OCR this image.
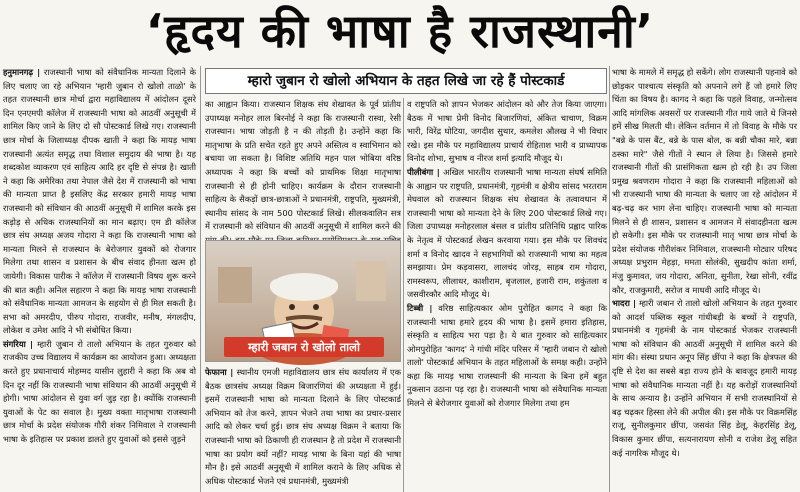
‘हृदय की भाषा है राजस्थानी’
म्हारो जुबान रो खोलो अभियान के तहत लिखे जा रहे हैं पोस्टकार्ड

हनुमानगढ़ | राजस्थानी भाषा को संवैधानिक मान्यता दिलाने के लिए चलाए जा रहे अभियान 'म्हारी जुबान रो खोलो ताळो' के तहत राजस्थानी छात्र मोर्चा द्वारा महाविद्यालय में आंदोलन दूसरे दिन एनएमपी कॉलेज में राजस्थानी भाषा को आठवीं अनुसूची में शामिल किए जाने के लिए दो सौ पोस्टकार्ड लिखे गए। राजस्थानी छात्र मोर्चा के जिलाध्यक्ष दीपक खाती ने कहा कि मायड़ भाषा राजस्थानी अत्यंत समृद्ध तथा विशाल समुदाय की भाषा है। यह शब्दकोश व्याकरण एवं साहित्य आदि हर दृष्टि से संपन्न है। खाती ने कहा कि अमेरिका तथा नेपाल जैसे देश में राजस्थानी को भाषा की मान्यता प्राप्त है इसलिए केंद्र सरकार हमारी मायड़ भाषा राजस्थानी को संविधान की आठवीं अनुसूची में शामिल करके इस कड़ोड़ से अधिक राजस्थानियों का मान बढ़ाए। एम डी कॉलेज छात्र संघ अध्यक्ष अजय गोदारा ने कहा कि राजस्थानी भाषा को मान्यता मिलने से राजस्थान के बेरोजगार युवकों को रोजगार मिलेगा तथा शासन व प्रशासन के बीच संवाद हीनता खत्म हो जायेगी। विकास पारीक ने कॉलेज में राजस्थानी विषय शुरू करने की बात कही। अनिल सहारण ने कहा कि मायड़ भाषा राजस्थानी को संवैधानिक मान्यता आमजन के सहयोग से ही मिल सकती है। सभा को अमरदीप, पीरुप गोदारा, राजवीर, मनीष, मंगलदीप, लोकेश व उमेश आदि ने भी संबोधित किया।

संगरिया | म्हारी जुबान रो तालो अभियान के तहत गुरुवार को राजकीय उच्च विद्यालय में कार्यक्रम का आयोजन हुआ। अध्यक्षता करते हुए प्रधानाचार्य मोहम्मद यासीन लुहारी ने कहा कि अब वो दिन दूर नहीं कि राजस्थानी भाषा संविधान की आठवीं अनुसूची में होगी। भाषा आंदोलन से युवा वर्ग जुड़ रहा है। क्योंकि राजस्थानी युवाओं के पेट का सवाल है। मुख्य वक्ता मातृभाषा राजस्थानी छात्र मोर्चा के प्रदेश संयोजक गौरी शंकर निमिवाल ने राजस्थानी भाषा के इतिहास पर प्रकाश डालते हुए युवाओं को इससे जुड़ने

का आह्वान किया। राजस्थान शिक्षक संघ शेखावत के पूर्व प्रांतीय उपाध्यक्ष मनोहर लाल बिरनोई ने कहा कि राजस्थानी रास्वा, रेसी राजस्थान। भाषा जोड़ती है न की तोड़ती है। उन्होंने कहा कि मातृभाषा के प्रति सचेत रहते हुए अपने अस्तित्व व स्वाभिमान को बचाया जा सकता है। विशिष्ट अतिथि महन पाल भोबिया वरिष्ठ अध्यापक ने कहा कि बच्चों को प्राथमिक शिक्षा मातृभाषा राजस्थानी से ही होनी चाहिए। कार्यक्रम के दौरान राजस्थानी साहित्य के सैकड़ों छात्र-छात्राओं ने प्रधानमंत्री, राष्ट्रपति, मुख्यमंत्री, स्थानीय सांसद के नाम 500 पोस्टकार्ड लिखे। सीलकवालिन सत्र में राजस्थानी को संविधान की आठवीं अनुसूची में शामिल करने की

म्हारी जबान रो खोलो तालो

फेफाना | स्थानीय एमजी महाविद्यालय छात्र संघ कार्यालय में एक बैठक छात्रसंघ अध्यक्ष विक्रम बिजारणियां की अध्यक्षता में हुई। इसमें राजस्थानी भाषा को मान्यता दिलाने के लिए पोस्टकार्ड अभियान को तेज करने, ज्ञापन भेजने तथा भाषा का प्रचार-प्रसार आदि को लेकर चर्चा हुई। छात्र संघ अध्यक्ष विक्रम ने बताया कि राजस्थानी भाषा को ठिकाणी ही राजस्थान है तो प्रदेश में राजस्थानी भाषा का प्रयोग क्यों नहीं? मायड़ भाषा के बिना यहां की भाषा मौन है। इसे आठवीं अनुसूची में शामिल कराने के लिए अधिक से अधिक पोस्टकार्ड भेजने एवं प्रधानमंत्री, मुख्यमंत्री

व राष्ट्रपति को ज्ञापन भेजकर आंदोलन को और तेज किया जाएगा। बैठक में भाषा प्रेमी विनोद बिजारणियां, अंकित चाचाण, विक्रम भारी, विरेंद्र घोटिया, जगदीश सुथार, कमलेश औलख ने भी विचार रखे। इस मौके पर महाविद्यालय प्राचार्य रोहिताश भारी व प्राध्यापक विनोद शोभा, सुभाष व नीरज शर्मा इत्यादि मौजूद थे।

पीलीबंगा | अखिल भारतीय राजस्थानी भाषा मान्यता संघर्ष समिति के आह्वान पर राष्ट्रपति, प्रधानमंत्री, गृहमंत्री व क्षेत्रीय सांसद भरतराम मेघवाल को राजस्थान शिक्षक संघ शेखावत के तत्वावधान में राजस्थानी भाषा को मान्यता देने के लिए 200 पोस्टकार्ड लिखे गए। जिला उपाध्यक्ष मनोहरलाल बंसल व प्रांतीय प्रतिनिधि प्रह्लाद पारिक के नेतृत्व में पोस्टकार्ड लेखन करवाया गया। इस मौके पर शिवचंद शर्मा व विनोद खादव ने सहभागियों को राजस्थानी भाषा का महत्व समझाया। प्रेम कड़वासरा, लालचंद जोरड़, साहब राम गोदारा, रामस्वरूप, लीलाधर, काशीराम, बृजलाल, हजारी राम, शकुंतला व जसवीरकौर आदि मौजूद थे।

टिब्बी | वरिष्ठ साहित्यकार ओम पुरोहित कागद ने कहा कि राजस्थानी भाषा हमारे हृदय की भाषा है। इसमें हमारा इतिहास, संस्कृति व साहित्य भरा पड़ा है। ये बात गुरुवार को साहित्यकार ओमपुरोहित 'कागद' ने गांधी मंदिर परिसर में 'म्हारी जबान रो खोलो तालो' पोस्टकार्ड अभियान के तहत महिलाओं के समक्ष कही। उन्होंने कहा कि मायड़ भाषा राजस्थानी की मान्यता के बिना हमें बहुत नुकसान उठाना पड़ रहा है। राजस्थानी भाषा को संवैधानिक मान्यता मिलने से बेरोजगार युवाओं को रोजगार मिलेगा तथा हम

भाषा के मामले में समृद्ध हो सकेंगे। लोग राजस्थानी पहनावे को छोड़कर पाश्चात्य संस्कृति को अपनाने लगे हैं जो हमारे लिए चिंता का विषय है। कागद ने कहा कि पहले विवाह, जन्मोत्सव आदि मांगलिक अवसरों पर राजस्थानी गीत गाये जाते थे जिनसे हमें सीख मिलती थी। लेकिन वर्तमान में तो विवाह के मौके पर "बन्ने के पास बैंट, बन्ने के पास बोल, क बन्नी चौका मारे, बन्ना ठस्का मारे" जैसे गीतों ने स्थान ले लिया है। जिससे हमारे राजस्थानी गीतों की प्रासंगिकता खत्म हो रही है। उप जिला प्रमुख श्रवणराम गोदारा ने कहा कि राजस्थानी महिलाओं को भी राजस्थानी भाषा की मान्यता के चलाए जा रहे आंदोलन में बढ़-चढ़ कर भाग लेना चाहिए। राजस्थानी भाषा को मान्यता मिलने से ही शासन, प्रशासन व आमजन में संवादहीनता खत्म हो सकेगी। इस मौके पर राजस्थानी मातृ भाषा छात्र मोर्चा के प्रदेश संयोजक गौरीशंकर निमिवाल, राजस्थानी मोट्यार परिषद अध्यक्ष प्रभुराम मेहड़ा, ममता सोलंकी, सुखदीप कांता शर्मा, मंजु कुमावत, जय गोदारा, अनिता, सुनीता, रेखा सोनी, रवींद्र कौर, राजकुमारी, सरोज व माधवी आदि मौजूद थे।

भादरा | म्हारी जबान रो तालो खोलो अभियान के तहत गुरुवार को आदर्श पब्लिक स्कूल गांधीबड़ी के बच्चों ने राष्ट्रपति, प्रधानमंत्री व गृहमंत्री के नाम पोस्टकार्ड भेजकर राजस्थानी भाषा को संविधान की आठवीं अनुसूची में शामिल करने की मांग की। संस्था प्रधान अनूप सिंह छींपा ने कहा कि क्षेत्रफल की दृष्टि से देश का सबसे बड़ा राज्य होने के बावजूद हमारी मायड़ भाषा को संवैधानिक मान्यता नहीं है। यह करोड़ों राजस्थानियों के साथ अन्याय है। उन्होंने अभियान में सभी राजस्थानियों से बढ़ चढ़कर हिस्सा लेने की अपील की। इस मौके पर विक्रमसिंह राजू, सुनीलकुमार छींपा, जसवंत सिंह डेलू, केहरसिंह डेलू, विकास कुमार छींपा, सत्यनारायण सोनी व राजेश डेलू सहित कई नागरिक मौजूद थे।
